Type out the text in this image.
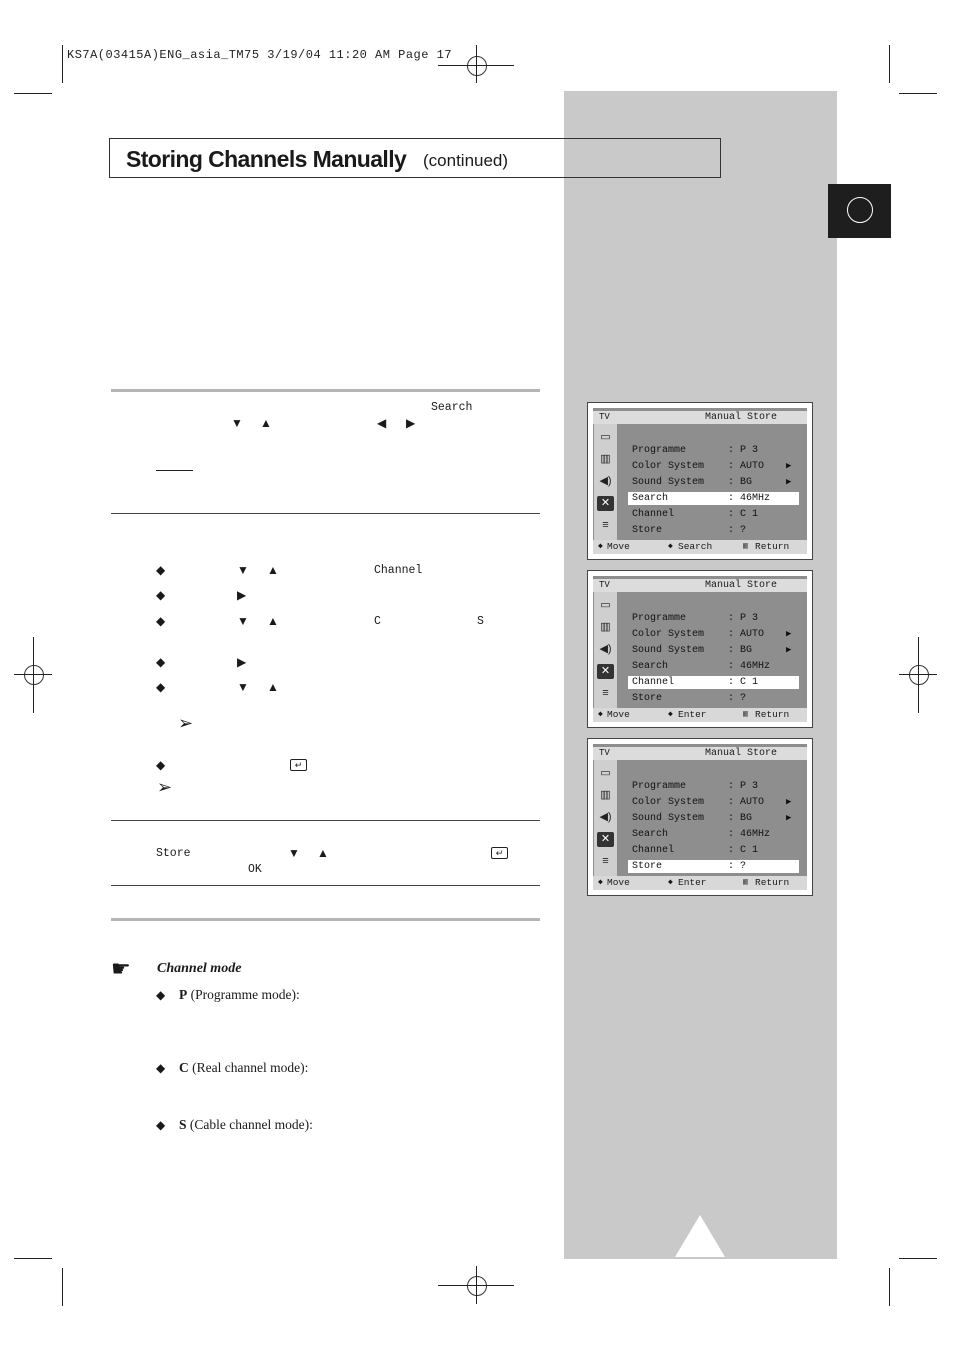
KS7A(03415A)ENG_asia_TM75 3/19/04 11:20 AM Page 17
Storing Channels Manually (continued)
Search
▼ ▲	◀ ▶
◆	▼ ▲	Channel
◆	▶
◆	▼ ▲	C	S
◆	▶
◆	▼ ▲
➢
◆	↵
➢
Store	▼ ▲	↵
OK
☛ Channel mode
◆ P (Programme mode):
◆ C (Real channel mode):
◆ S (Cable channel mode):
TV	Manual Store
▭
▥
◀)
✕
≡
Programme	: P 3
Color System : AUTO ▶
Sound System : BG	▶
Search	: 46MHz
Channel	: C 1
Store	: ?
◆ Move	◆ Search	▥ Return
TV	Manual Store
▭
▥
◀)
✕
≡
Programme	: P 3
Color System : AUTO ▶
Sound System : BG	▶
Search	: 46MHz
Channel	: C 1
Store	: ?
◆ Move	◆ Enter	▥ Return
TV	Manual Store
▭
▥
◀)
✕
≡
Programme	: P 3
Color System : AUTO ▶
Sound System : BG	▶
Search	: 46MHz
Channel	: C 1
Store	: ?
◆ Move	◆ Enter	▥ Return
